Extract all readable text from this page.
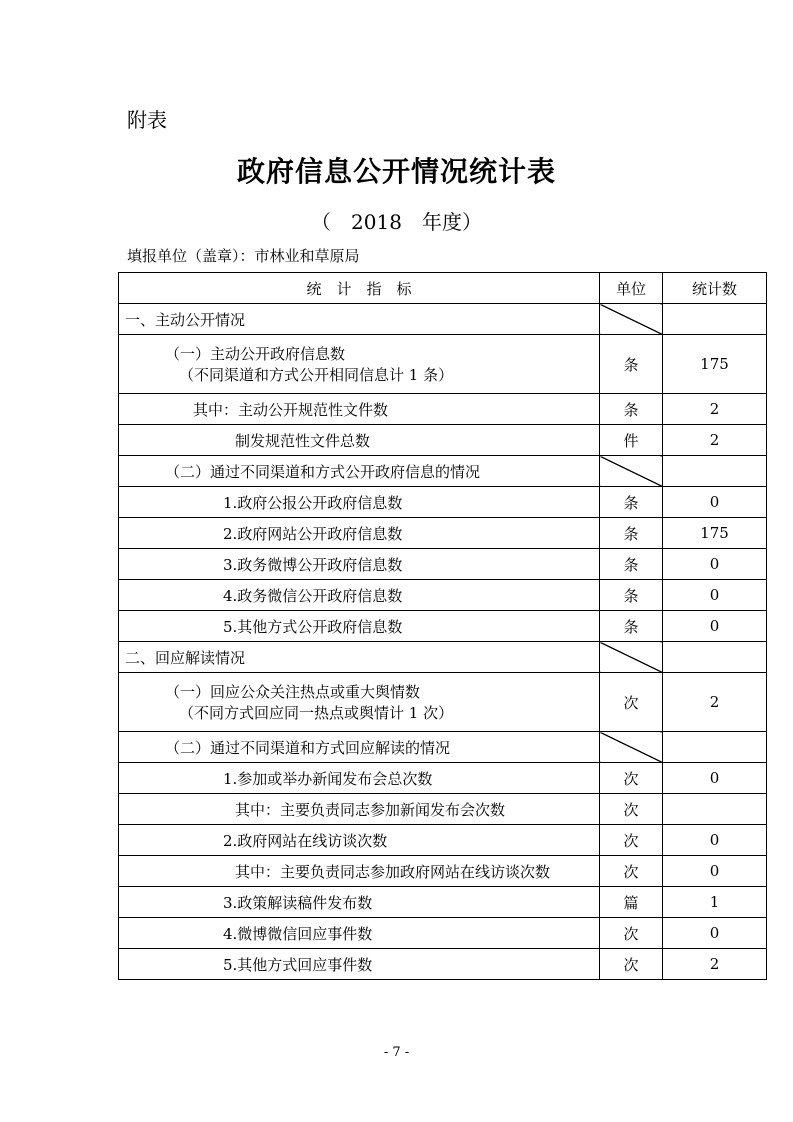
附表
政府信息公开情况统计表
（　2018　年度）
填报单位（盖章）：市林业和草原局
统　计　指　标	单位	统计数
一、主动公开情况		
（一）主动公开政府信息数
（不同渠道和方式公开相同信息计 1 条）	条	175
其中：主动公开规范性文件数	条	2
制发规范性文件总数	件	2
（二）通过不同渠道和方式公开政府信息的情况		
1.政府公报公开政府信息数	条	0
2.政府网站公开政府信息数	条	175
3.政务微博公开政府信息数	条	0
4.政务微信公开政府信息数	条	0
5.其他方式公开政府信息数	条	0
二、回应解读情况		
（一）回应公众关注热点或重大舆情数
（不同方式回应同一热点或舆情计 1 次）	次	2
（二）通过不同渠道和方式回应解读的情况		
1.参加或举办新闻发布会总次数	次	0
其中：主要负责同志参加新闻发布会次数	次	
2.政府网站在线访谈次数	次	0
其中：主要负责同志参加政府网站在线访谈次数	次	0
3.政策解读稿件发布数	篇	1
4.微博微信回应事件数	次	0
5.其他方式回应事件数	次	2
- 7 -
